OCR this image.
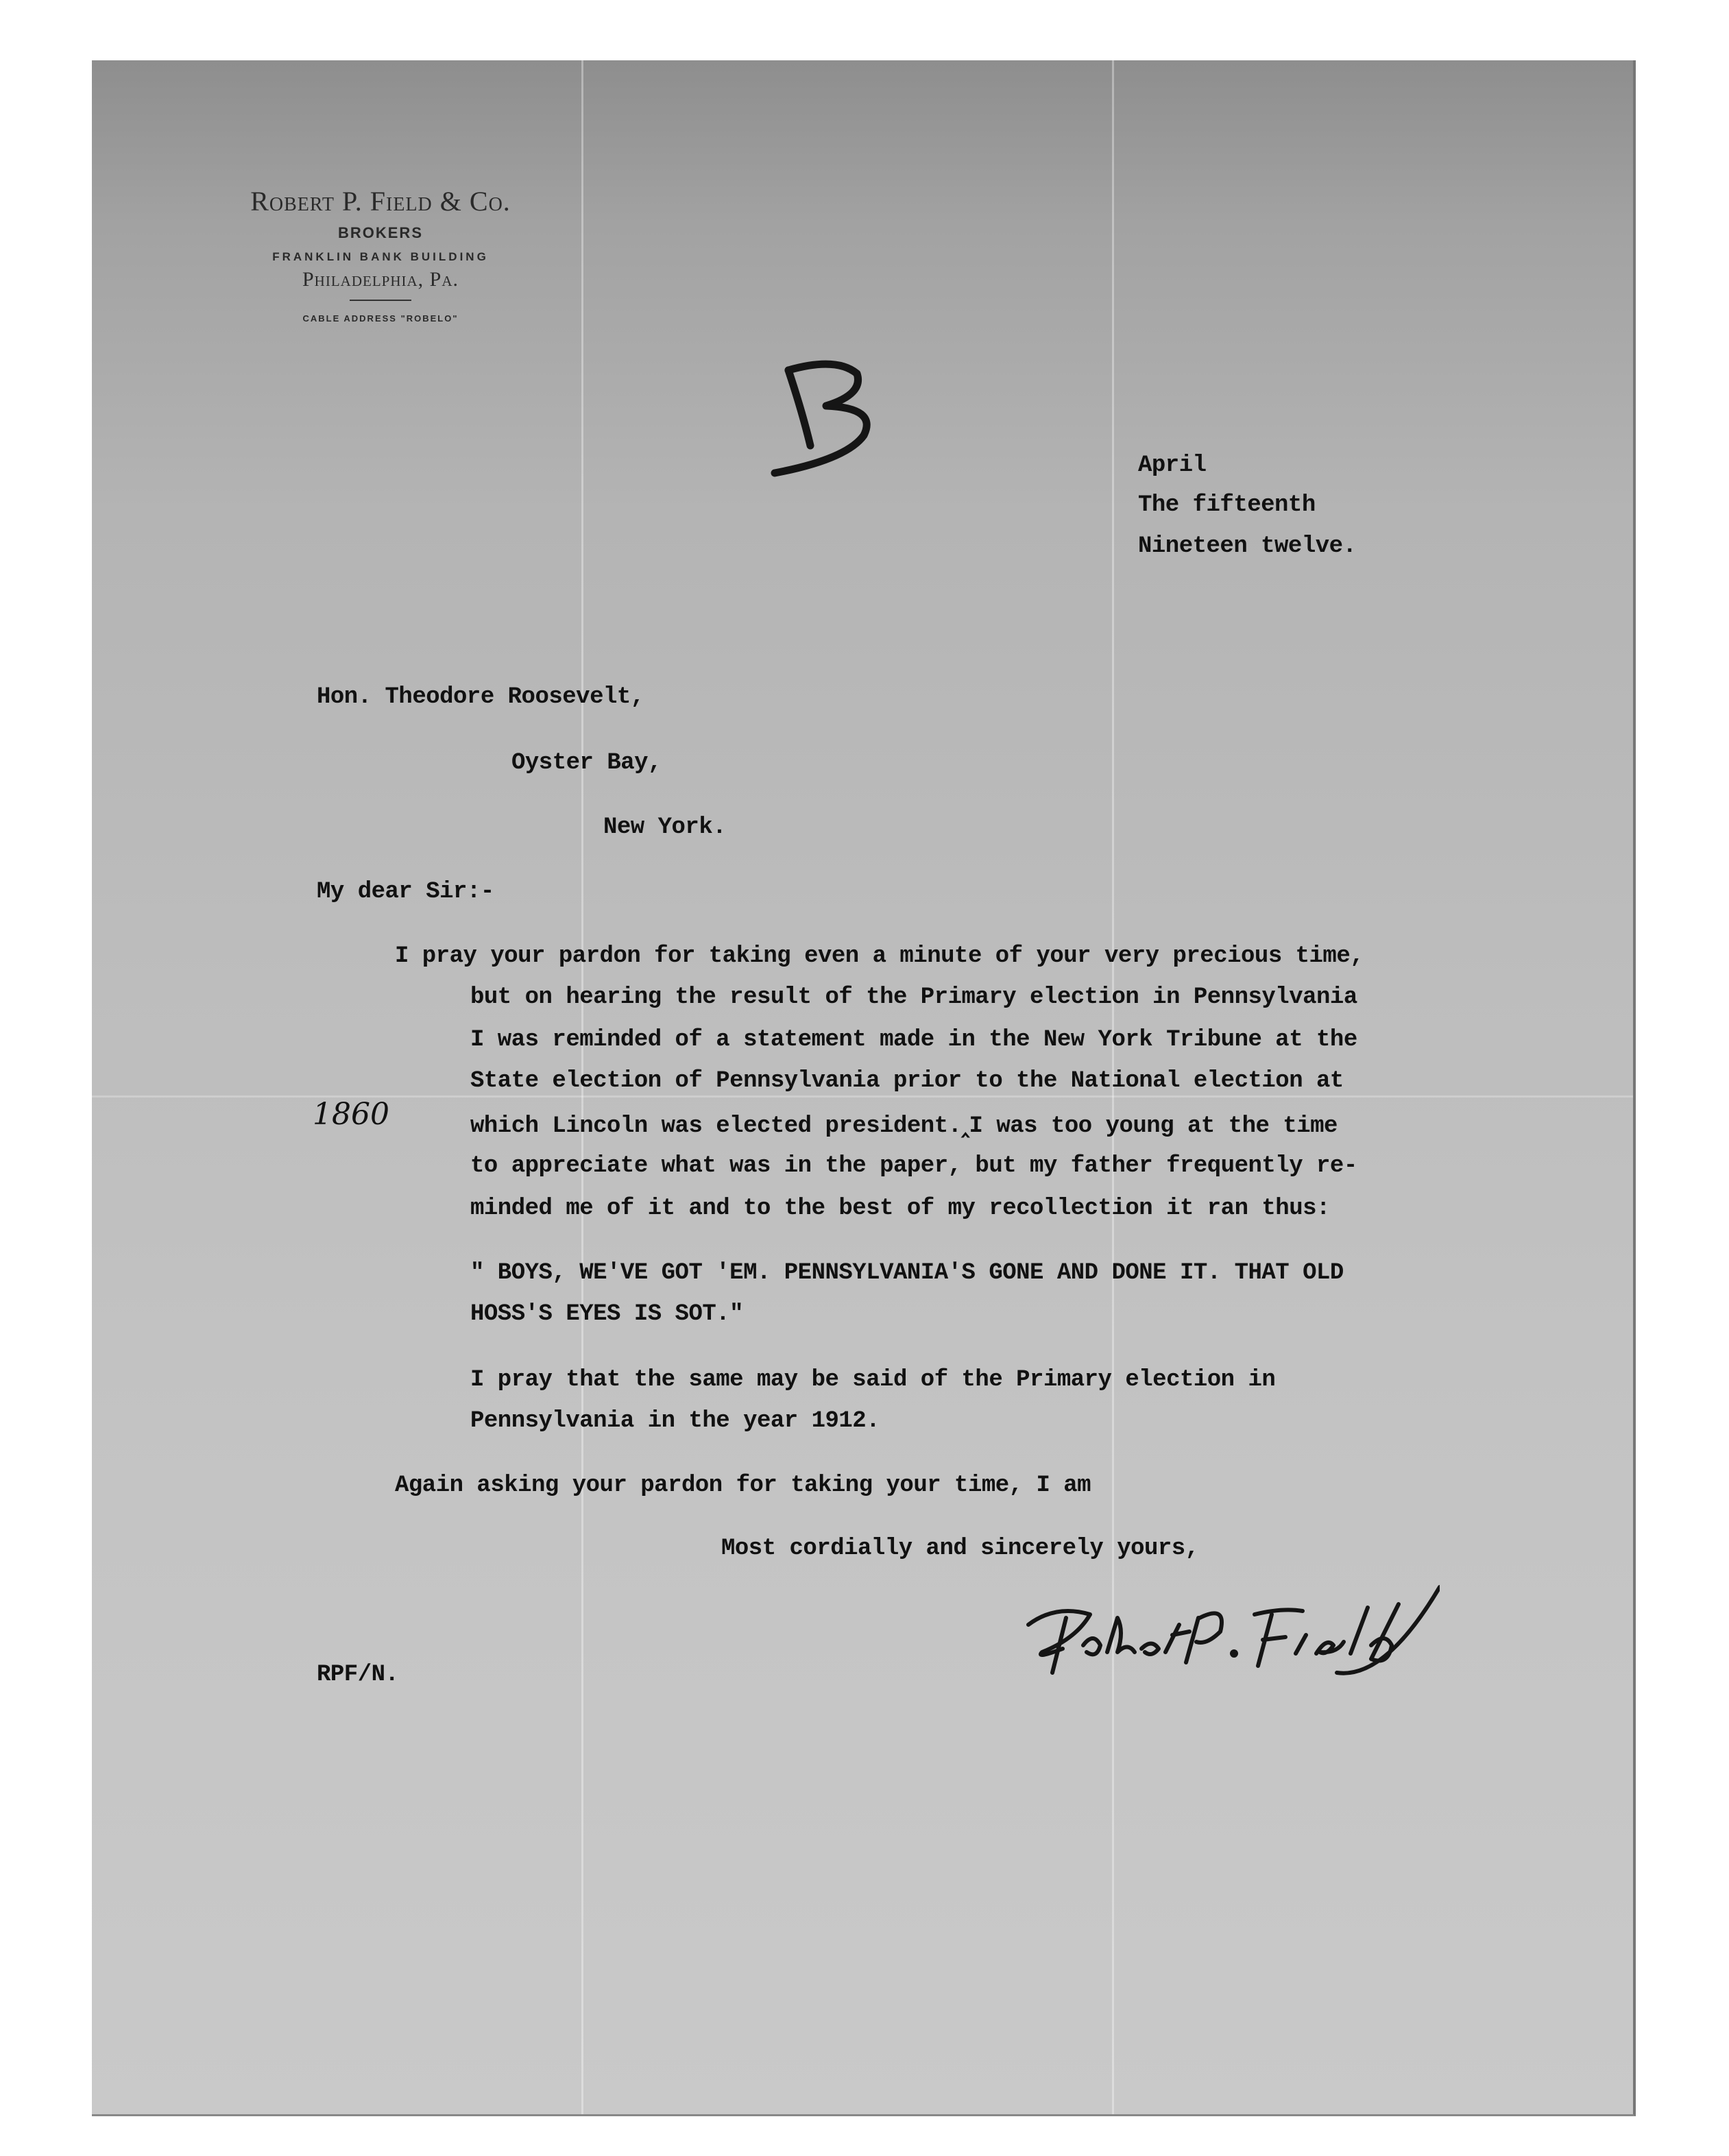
Robert P. Field & Co.
BROKERS
FRANKLIN BANK BUILDING
Philadelphia, Pa.
CABLE ADDRESS "ROBELO"
B
April
The fifteenth
Nineteen twelve.
Hon. Theodore Roosevelt,
Oyster Bay,
New York.
My dear Sir:-
I pray your pardon for taking even a minute of your very precious time,
but on hearing the result of the Primary election in Pennsylvania
I was reminded of a statement made in the New York Tribune at the
State election of Pennsylvania prior to the National election at
which Lincoln was elected president.‸I was too young at the time
to appreciate what was in the paper, but my father frequently re-
minded me of it and to the best of my recollection it ran thus:
1860
" BOYS, WE'VE GOT 'EM. PENNSYLVANIA'S GONE AND DONE IT. THAT OLD
HOSS'S EYES IS SOT."
I pray that the same may be said of the Primary election in
Pennsylvania in the year 1912.
Again asking your pardon for taking your time, I am
Most cordially and sincerely yours,
Robert P. Field
RPF/N.
